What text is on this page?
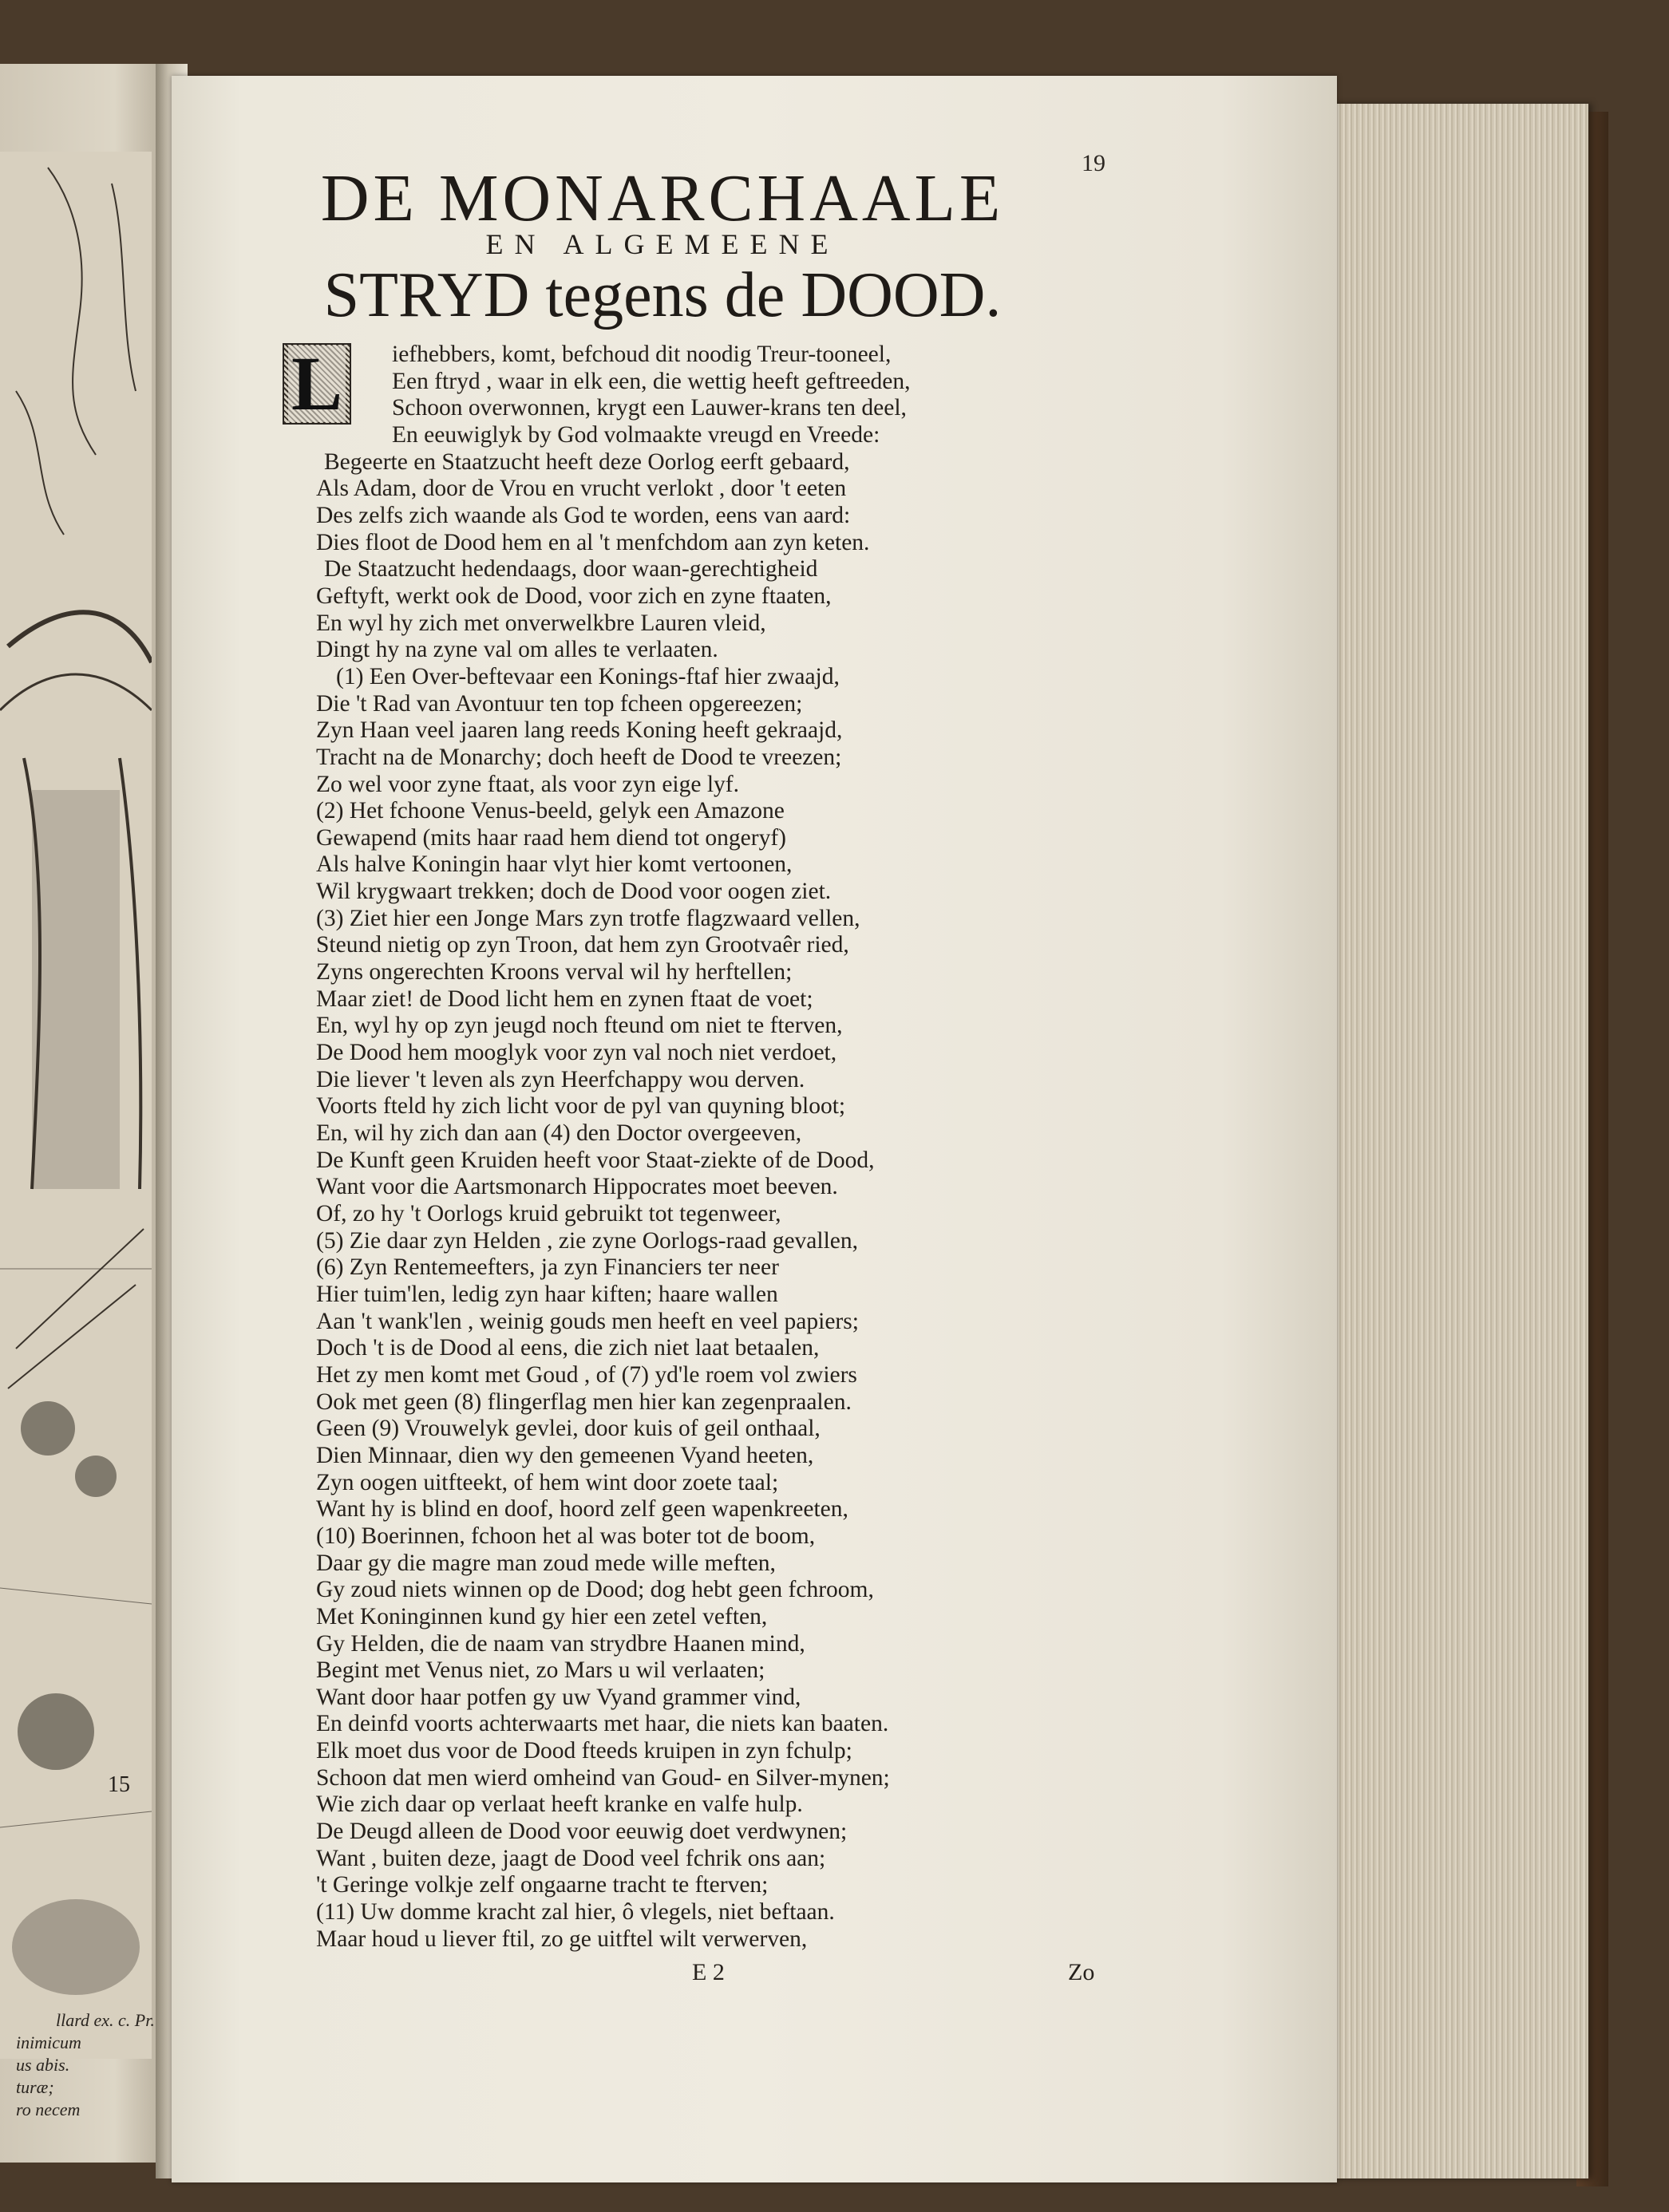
15
llard ex. c. Pr.
inimicum
us abis.
turæ;
ro necem
19
DE MONARCHAALE
EN ALGEMEENE
STRYD tegens de DOOD.
L	iefhebbers, komt, befchoud dit noodig Treur-tooneel,
Een ftryd , waar in elk een, die wettig heeft geftreeden,
Schoon overwonnen, krygt een Lauwer-krans ten deel,
En eeuwiglyk by God volmaakte vreugd en Vreede:
Begeerte en Staatzucht heeft deze Oorlog eerft gebaard,
Als Adam, door de Vrou en vrucht verlokt , door 't eeten
Des zelfs zich waande als God te worden, eens van aard:
Dies floot de Dood hem en al 't menfchdom aan zyn keten.
De Staatzucht hedendaags, door waan-gerechtigheid
Geftyft, werkt ook de Dood, voor zich en zyne ftaaten,
En wyl hy zich met onverwelkbre Lauren vleid,
Dingt hy na zyne val om alles te verlaaten.
(1) Een Over-beftevaar een Konings-ftaf hier zwaajd,
Die 't Rad van Avontuur ten top fcheen opgereezen;
Zyn Haan veel jaaren lang reeds Koning heeft gekraajd,
Tracht na de Monarchy; doch heeft de Dood te vreezen;
Zo wel voor zyne ftaat, als voor zyn eige lyf.
(2) Het fchoone Venus-beeld, gelyk een Amazone
Gewapend (mits haar raad hem diend tot ongeryf)
Als halve Koningin haar vlyt hier komt vertoonen,
Wil krygwaart trekken; doch de Dood voor oogen ziet.
(3) Ziet hier een Jonge Mars zyn trotfe flagzwaard vellen,
Steund nietig op zyn Troon, dat hem zyn Grootvaêr ried,
Zyns ongerechten Kroons verval wil hy herftellen;
Maar ziet! de Dood licht hem en zynen ftaat de voet;
En, wyl hy op zyn jeugd noch fteund om niet te fterven,
De Dood hem mooglyk voor zyn val noch niet verdoet,
Die liever 't leven als zyn Heerfchappy wou derven.
Voorts fteld hy zich licht voor de pyl van quyning bloot;
En, wil hy zich dan aan (4) den Doctor overgeeven,
De Kunft geen Kruiden heeft voor Staat-ziekte of de Dood,
Want voor die Aartsmonarch Hippocrates moet beeven.
Of, zo hy 't Oorlogs kruid gebruikt tot tegenweer,
(5) Zie daar zyn Helden , zie zyne Oorlogs-raad gevallen,
(6) Zyn Rentemeefters, ja zyn Financiers ter neer
Hier tuim'len, ledig zyn haar kiften; haare wallen
Aan 't wank'len , weinig gouds men heeft en veel papiers;
Doch 't is de Dood al eens, die zich niet laat betaalen,
Het zy men komt met Goud , of (7) yd'le roem vol zwiers
Ook met geen (8) flingerflag men hier kan zegenpraalen.
Geen (9) Vrouwelyk gevlei, door kuis of geil onthaal,
Dien Minnaar, dien wy den gemeenen Vyand heeten,
Zyn oogen uitfteekt, of hem wint door zoete taal;
Want hy is blind en doof, hoord zelf geen wapenkreeten,
(10) Boerinnen, fchoon het al was boter tot de boom,
Daar gy die magre man zoud mede wille meften,
Gy zoud niets winnen op de Dood; dog hebt geen fchroom,
Met Koninginnen kund gy hier een zetel veften,
Gy Helden, die de naam van strydbre Haanen mind,
Begint met Venus niet, zo Mars u wil verlaaten;
Want door haar potfen gy uw Vyand grammer vind,
En deinfd voorts achterwaarts met haar, die niets kan baaten.
Elk moet dus voor de Dood fteeds kruipen in zyn fchulp;
Schoon dat men wierd omheind van Goud- en Silver-mynen;
Wie zich daar op verlaat heeft kranke en valfe hulp.
De Deugd alleen de Dood voor eeuwig doet verdwynen;
Want , buiten deze, jaagt de Dood veel fchrik ons aan;
't Geringe volkje zelf ongaarne tracht te fterven;
(11) Uw domme kracht zal hier, ô vlegels, niet beftaan.
Maar houd u liever ftil, zo ge uitftel wilt verwerven,
E 2	Zo
